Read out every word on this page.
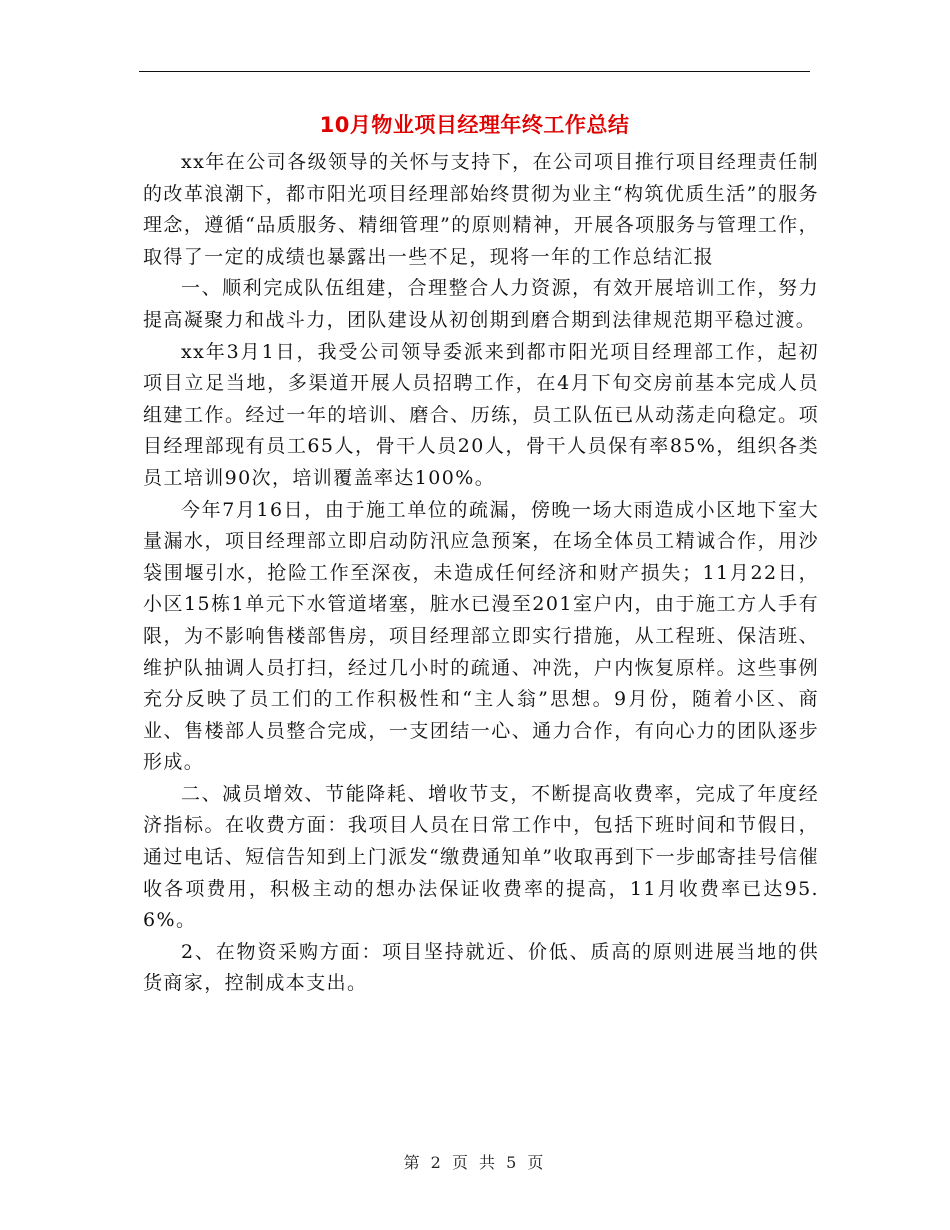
10月物业项目经理年终工作总结

xx年在公司各级领导的关怀与支持下，在公司项目推行项目经理责任制的改革浪潮下，都市阳光项目经理部始终贯彻为业主“构筑优质生活”的服务理念，遵循“品质服务、精细管理”的原则精神，开展各项服务与管理工作，取得了一定的成绩也暴露出一些不足，现将一年的工作总结汇报

一、顺利完成队伍组建，合理整合人力资源，有效开展培训工作，努力提高凝聚力和战斗力，团队建设从初创期到磨合期到法律规范期平稳过渡。

xx年3月1日，我受公司领导委派来到都市阳光项目经理部工作，起初项目立足当地，多渠道开展人员招聘工作，在4月下旬交房前基本完成人员组建工作。经过一年的培训、磨合、历练，员工队伍已从动荡走向稳定。项目经理部现有员工65人，骨干人员20人，骨干人员保有率85%，组织各类员工培训90次，培训覆盖率达100%。

今年7月16日，由于施工单位的疏漏，傍晚一场大雨造成小区地下室大量漏水，项目经理部立即启动防汛应急预案，在场全体员工精诚合作，用沙袋围堰引水，抢险工作至深夜，未造成任何经济和财产损失；11月22日，小区15栋1单元下水管道堵塞，脏水已漫至201室户内，由于施工方人手有限，为不影响售楼部售房，项目经理部立即实行措施，从工程班、保洁班、维护队抽调人员打扫，经过几小时的疏通、冲洗，户内恢复原样。这些事例充分反映了员工们的工作积极性和“主人翁”思想。9月份，随着小区、商业、售楼部人员整合完成，一支团结一心、通力合作，有向心力的团队逐步形成。

二、减员增效、节能降耗、增收节支，不断提高收费率，完成了年度经济指标。在收费方面：我项目人员在日常工作中，包括下班时间和节假日，通过电话、短信告知到上门派发“缴费通知单”收取再到下一步邮寄挂号信催收各项费用，积极主动的想办法保证收费率的提高，11月收费率已达95.6%。

2、在物资采购方面：项目坚持就近、价低、质高的原则进展当地的供货商家，控制成本支出。

第 2 页 共 5 页
